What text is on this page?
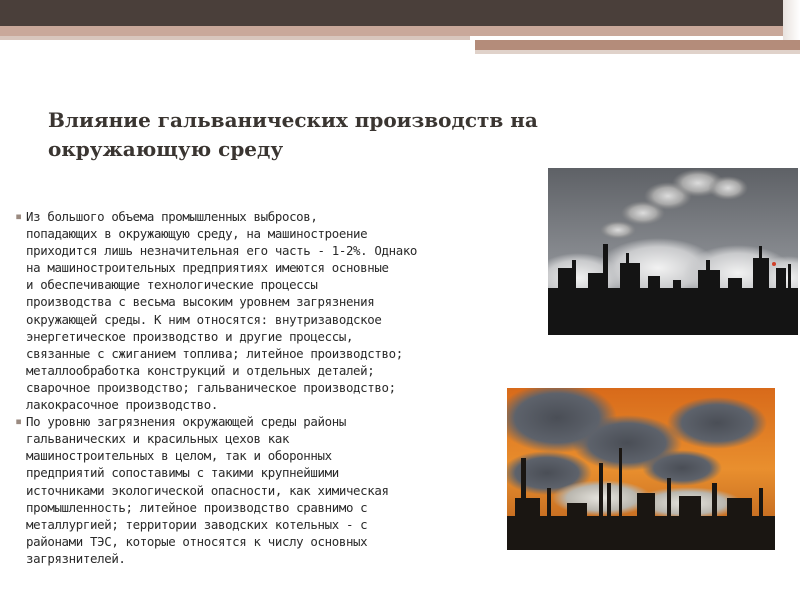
Влияние гальванических производств на
окружающую среду
▪ Из большого объема промышленных выбросов,
попадающих в окружающую среду, на машиностроение
приходится лишь незначительная его часть - 1-2%. Однако
на машиностроительных предприятиях имеются основные
и обеспечивающие технологические процессы
производства с весьма высоким уровнем загрязнения
окружающей среды. К ним относятся: внутризаводское
энергетическое производство и другие процессы,
связанные с сжиганием топлива; литейное производство;
металлообработка конструкций и отдельных деталей;
сварочное производство; гальваническое производство;
лакокрасочное производство.
▪ По уровню загрязнения окружающей среды районы
гальванических и красильных цехов как
машиностроительных в целом, так и оборонных
предприятий сопоставимы с такими крупнейшими
источниками экологической опасности, как химическая
промышленность; литейное производство сравнимо с
металлургией; территории заводских котельных - с
районами ТЭС, которые относятся к числу основных
загрязнителей.
